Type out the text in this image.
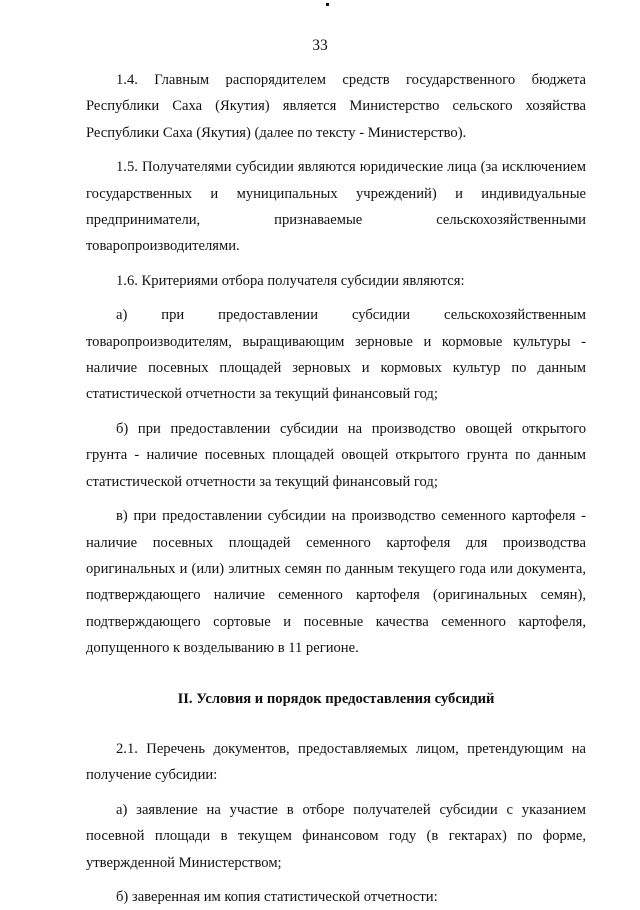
33

1.4. Главным распорядителем средств государственного бюджета Республики Саха (Якутия) является Министерство сельского хозяйства Республики Саха (Якутия) (далее по тексту - Министерство).

1.5. Получателями субсидии являются юридические лица (за исключением государственных и муниципальных учреждений) и индивидуальные предприниматели, признаваемые сельскохозяйственными товаропроизводителями.

1.6. Критериями отбора получателя субсидии являются:

а) при предоставлении субсидии сельскохозяйственным товаропроизводителям, выращивающим зерновые и кормовые культуры - наличие посевных площадей зерновых и кормовых культур по данным статистической отчетности за текущий финансовый год;

б) при предоставлении субсидии на производство овощей открытого грунта - наличие посевных площадей овощей открытого грунта по данным статистической отчетности за текущий финансовый год;

в) при предоставлении субсидии на производство семенного картофеля - наличие посевных площадей семенного картофеля для производства оригинальных и (или) элитных семян по данным текущего года или документа, подтверждающего наличие семенного картофеля (оригинальных семян), подтверждающего сортовые и посевные качества семенного картофеля, допущенного к возделыванию в 11 регионе.

II. Условия и порядок предоставления субсидий

2.1. Перечень документов, предоставляемых лицом, претендующим на получение субсидии:

а) заявление на участие в отборе получателей субсидии с указанием посевной площади в текущем финансовом году (в гектарах) по форме, утвержденной Министерством;

б) заверенная им копия статистической отчетности:
